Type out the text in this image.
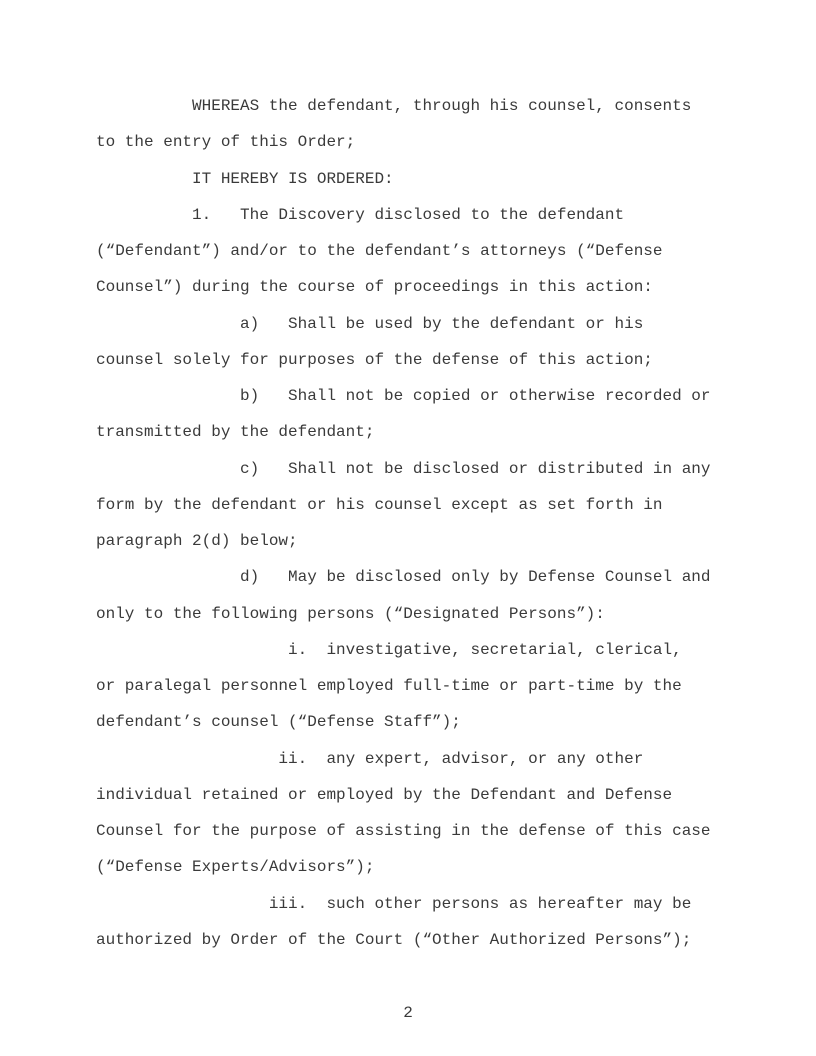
WHEREAS the defendant, through his counsel, consents
to the entry of this Order;
IT HEREBY IS ORDERED:
1.   The Discovery disclosed to the defendant
(“Defendant”) and/or to the defendant’s attorneys (“Defense
Counsel”) during the course of proceedings in this action:
a)   Shall be used by the defendant or his
counsel solely for purposes of the defense of this action;
b)   Shall not be copied or otherwise recorded or
transmitted by the defendant;
c)   Shall not be disclosed or distributed in any
form by the defendant or his counsel except as set forth in
paragraph 2(d) below;
d)   May be disclosed only by Defense Counsel and
only to the following persons (“Designated Persons”):
i.  investigative, secretarial, clerical,
or paralegal personnel employed full-time or part-time by the
defendant’s counsel (“Defense Staff”);
ii.  any expert, advisor, or any other
individual retained or employed by the Defendant and Defense
Counsel for the purpose of assisting in the defense of this case
(“Defense Experts/Advisors”);
iii.  such other persons as hereafter may be
authorized by Order of the Court (“Other Authorized Persons”);
2
